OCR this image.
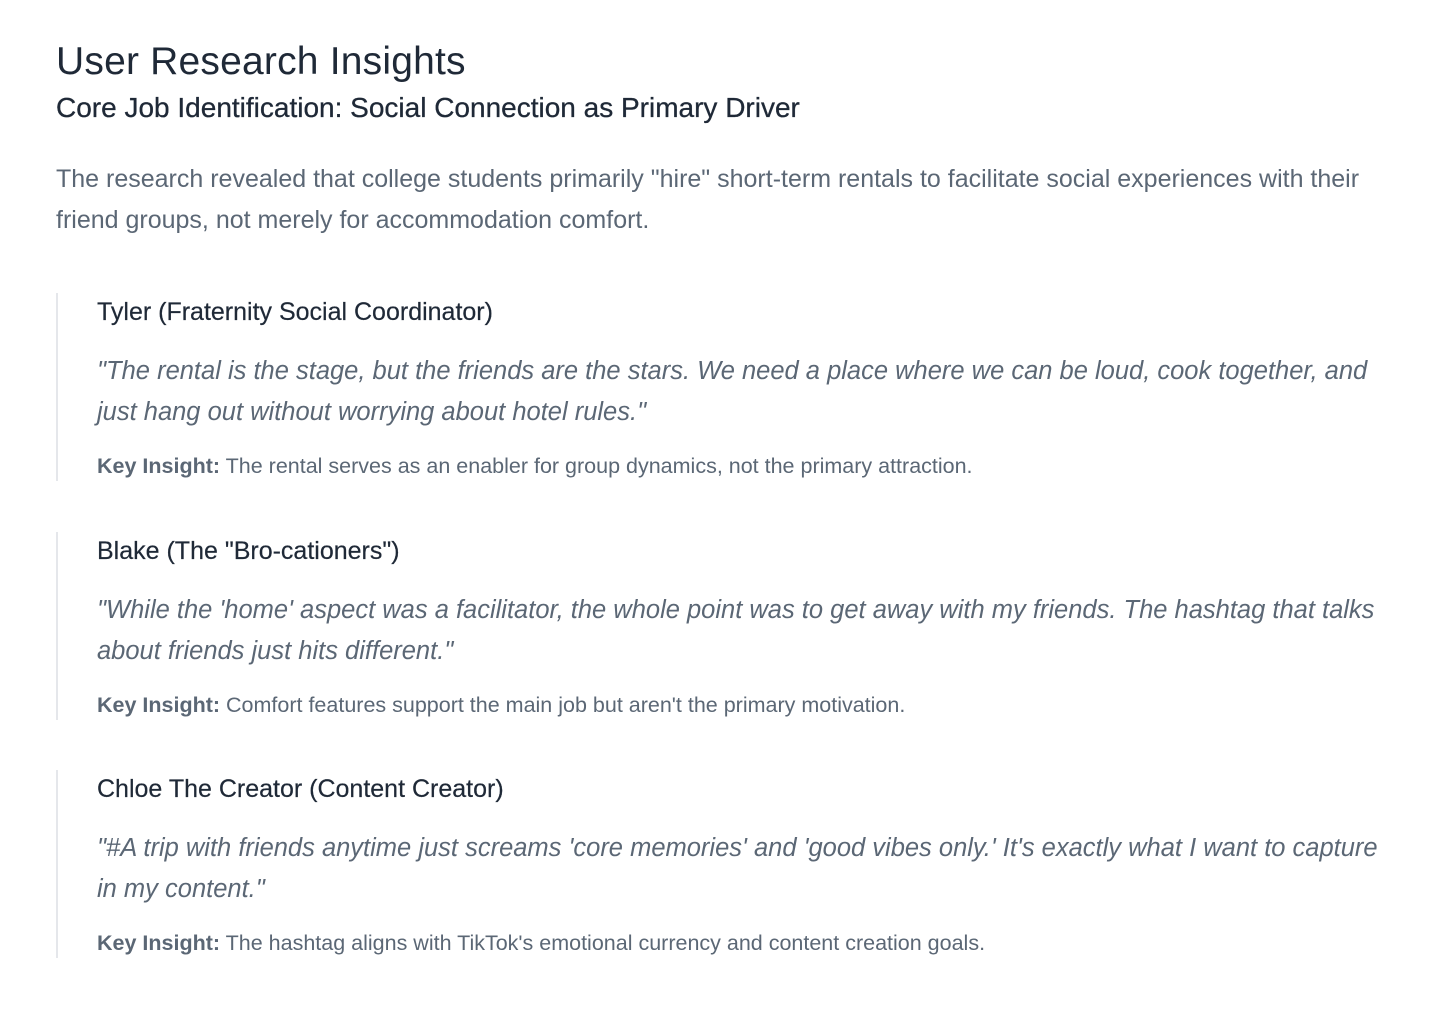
User Research Insights
Core Job Identification: Social Connection as Primary Driver

The research revealed that college students primarily "hire" short-term rentals to facilitate social experiences with their friend groups, not merely for accommodation comfort.

Tyler (Fraternity Social Coordinator)
"The rental is the stage, but the friends are the stars. We need a place where we can be loud, cook together, and just hang out without worrying about hotel rules."
Key Insight: The rental serves as an enabler for group dynamics, not the primary attraction.
Blake (The "Bro-cationers")
"While the 'home' aspect was a facilitator, the whole point was to get away with my friends. The hashtag that talks about friends just hits different."
Key Insight: Comfort features support the main job but aren't the primary motivation.
Chloe The Creator (Content Creator)
"#A trip with friends anytime just screams 'core memories' and 'good vibes only.' It's exactly what I want to capture in my content."
Key Insight: The hashtag aligns with TikTok's emotional currency and content creation goals.
